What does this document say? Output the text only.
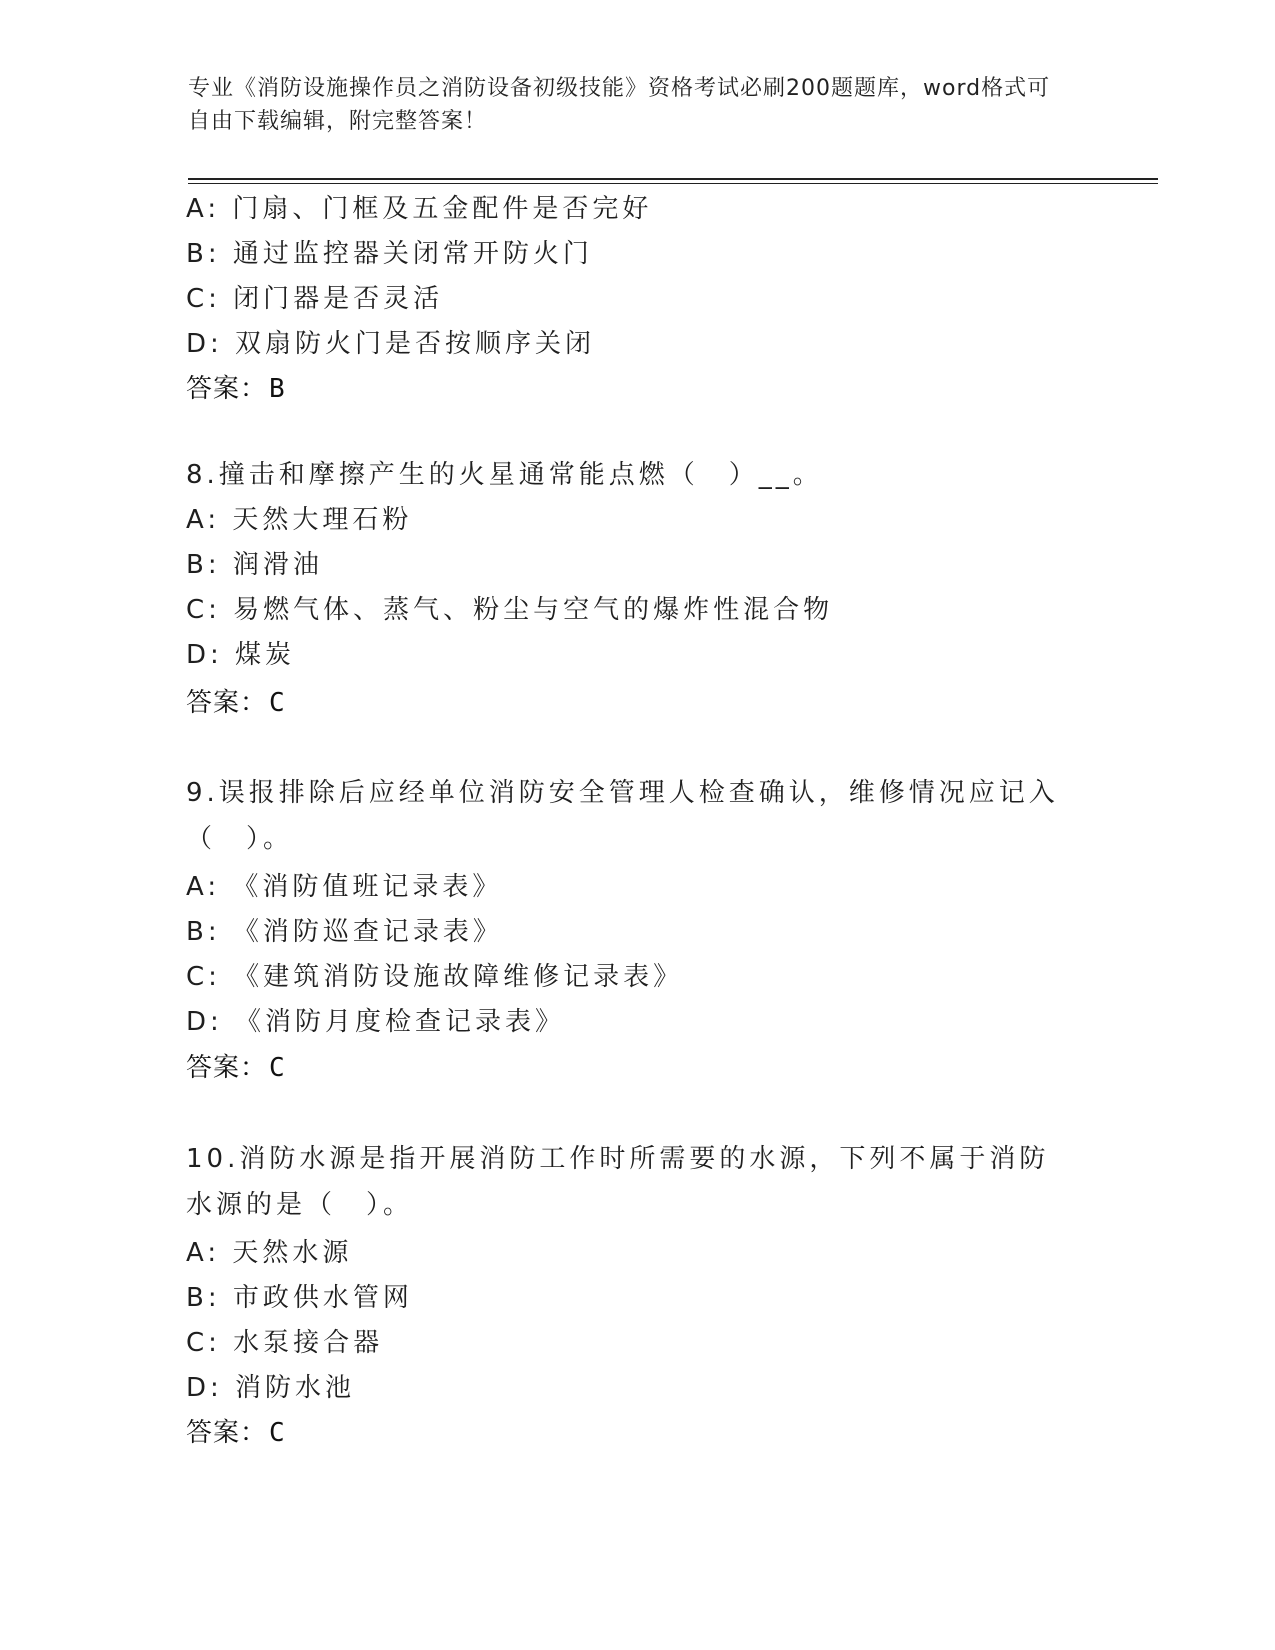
专业《消防设施操作员之消防设备初级技能》资格考试必刷200题题库，word格式可自由下载编辑，附完整答案！
A: 门扇、门框及五金配件是否完好
B: 通过监控器关闭常开防火门
C: 闭门器是否灵活
D: 双扇防火门是否按顺序关闭
答案：B
8.撞击和摩擦产生的火星通常能点燃（　）__。
A: 天然大理石粉
B: 润滑油
C: 易燃气体、蒸气、粉尘与空气的爆炸性混合物
D: 煤炭
答案：C
9.误报排除后应经单位消防安全管理人检查确认，维修情况应记入（　）。
A: 《消防值班记录表》
B: 《消防巡查记录表》
C: 《建筑消防设施故障维修记录表》
D: 《消防月度检查记录表》
答案：C
10.消防水源是指开展消防工作时所需要的水源，下列不属于消防水源的是（　）。
A: 天然水源
B: 市政供水管网
C: 水泵接合器
D: 消防水池
答案：C
